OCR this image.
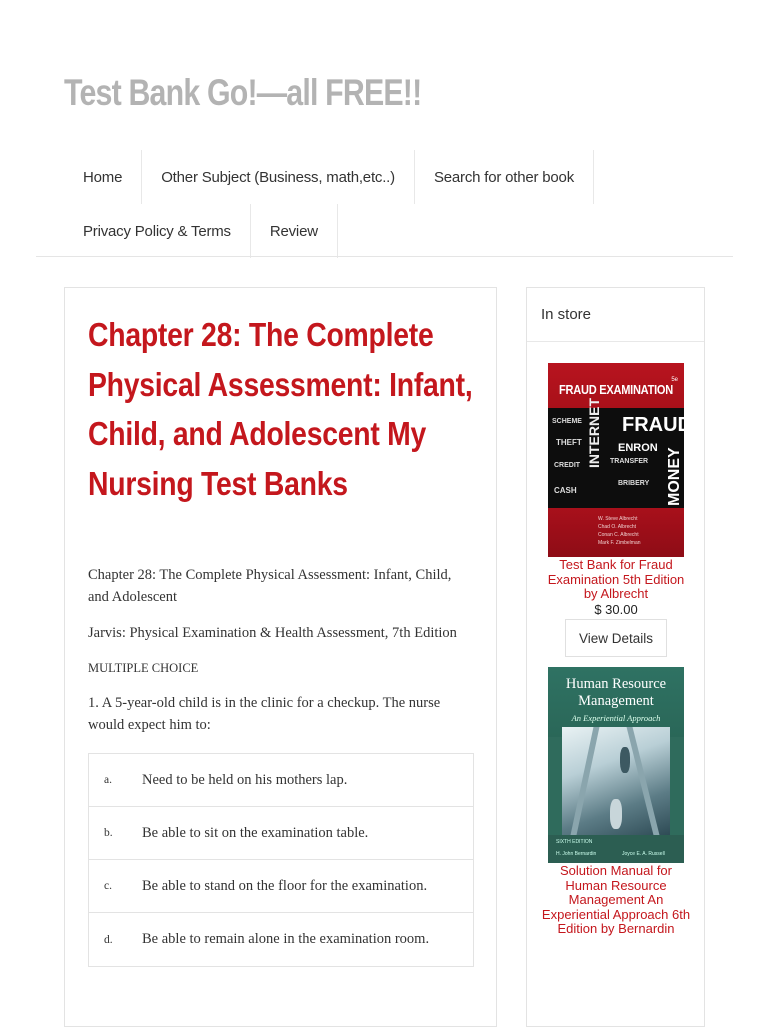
Test Bank Go!—all FREE!!
Home	Other Subject (Business, math,etc..)	Search for other book
Privacy Policy & Terms	Review
Chapter 28: The Complete Physical Assessment: Infant, Child, and Adolescent My Nursing Test Banks

Chapter 28: The Complete Physical Assessment: Infant, Child, and Adolescent

Jarvis: Physical Examination & Health Assessment, 7th Edition

MULTIPLE CHOICE

1. A 5-year-old child is in the clinic for a checkup. The nurse would expect him to:

a.	Need to be held on his mothers lap.
b.	Be able to sit on the examination table.
c.	Be able to stand on the floor for the examination.
d.	Be able to remain alone in the examination room.
In store
FRAUD EXAMINATION
5e
FRAUD
INTERNET ENRON MONEY
TRANSFER
SCHEME
THEFT
CREDIT
BRIBERY
CASH
W. Steve Albrecht
Chad O. Albrecht
Conan C. Albrecht
Mark F. Zimbelman
Test Bank for Fraud Examination 5th Edition by Albrecht
$ 30.00
View Details
Human Resource
Management
An Experiential Approach
SIXTH EDITION
H. John Bernardin	Joyce E. A. Russell
Solution Manual for Human Resource Management An Experiential Approach 6th Edition by Bernardin
